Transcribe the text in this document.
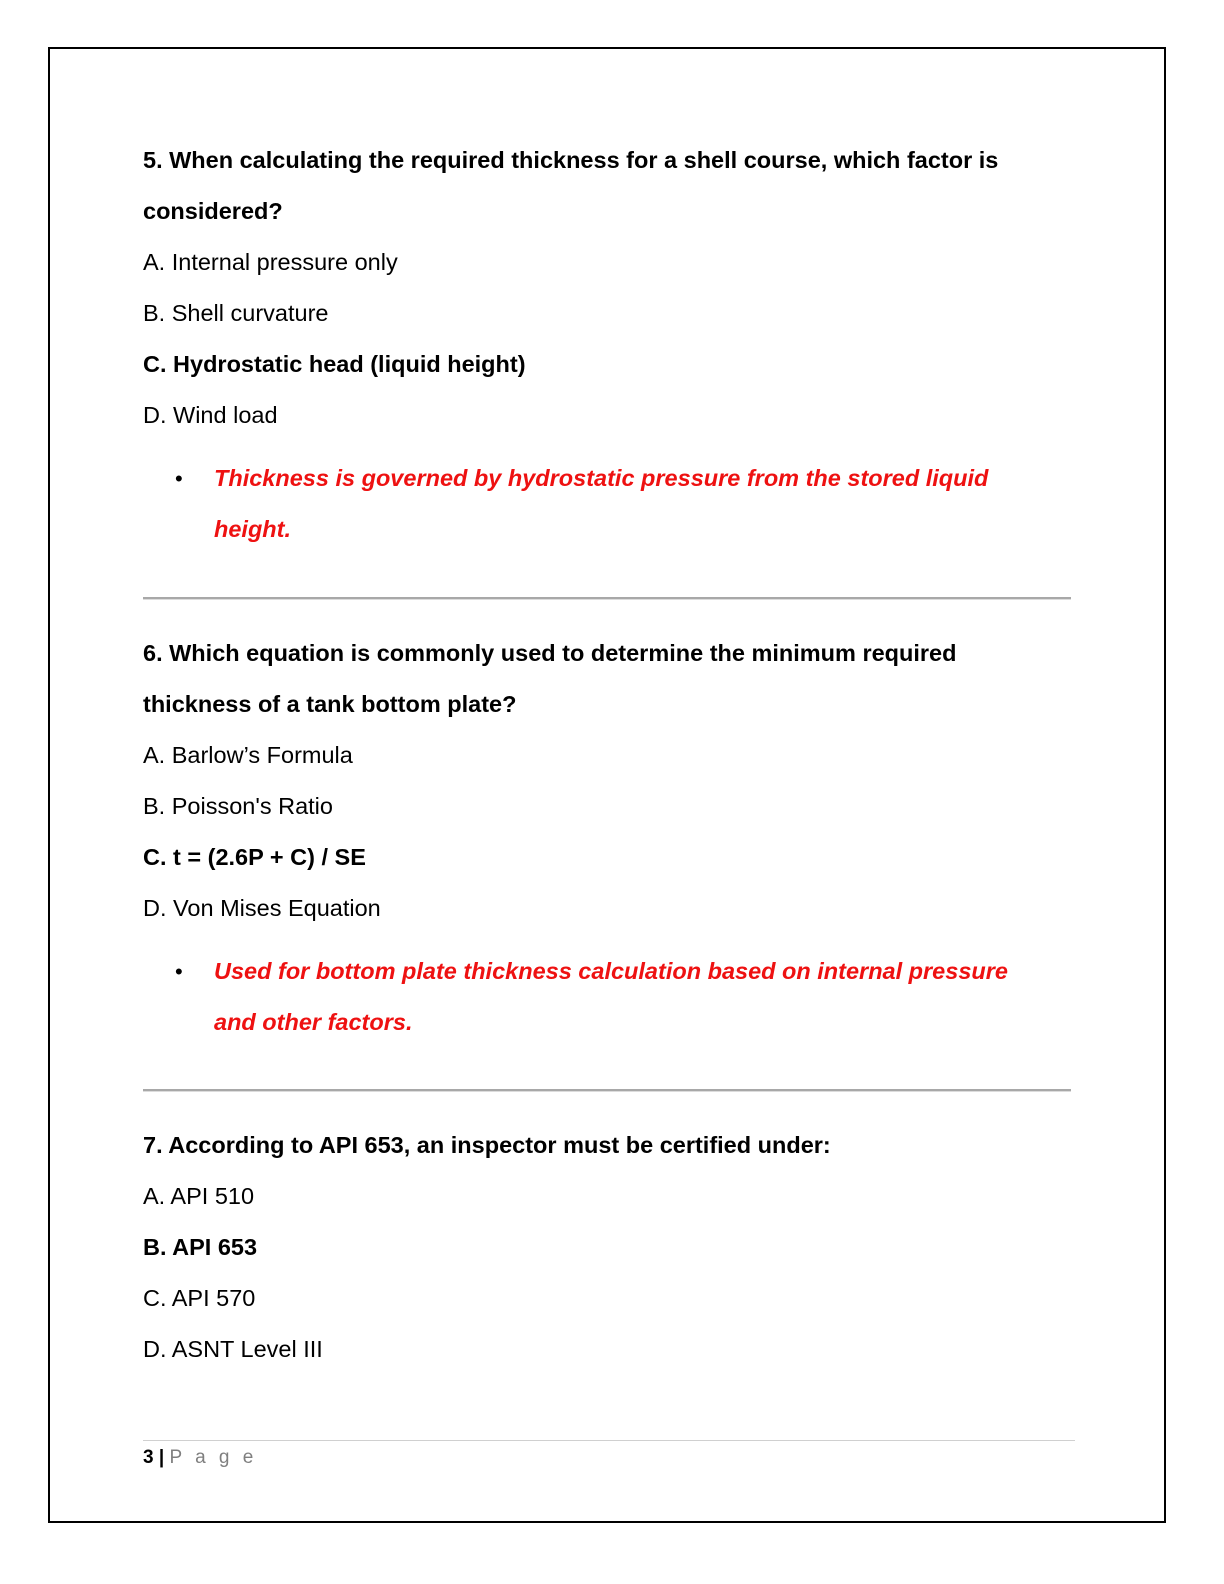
5. When calculating the required thickness for a shell course, which factor is
considered?
A. Internal pressure only
B. Shell curvature
C. Hydrostatic head (liquid height)
D. Wind load
• Thickness is governed by hydrostatic pressure from the stored liquid
height.
6. Which equation is commonly used to determine the minimum required
thickness of a tank bottom plate?
A. Barlow’s Formula
B. Poisson's Ratio
C. t = (2.6P + C) / SE
D. Von Mises Equation
• Used for bottom plate thickness calculation based on internal pressure
and other factors.
7. According to API 653, an inspector must be certified under:
A. API 510
B. API 653
C. API 570
D. ASNT Level III
3 | P a g e
